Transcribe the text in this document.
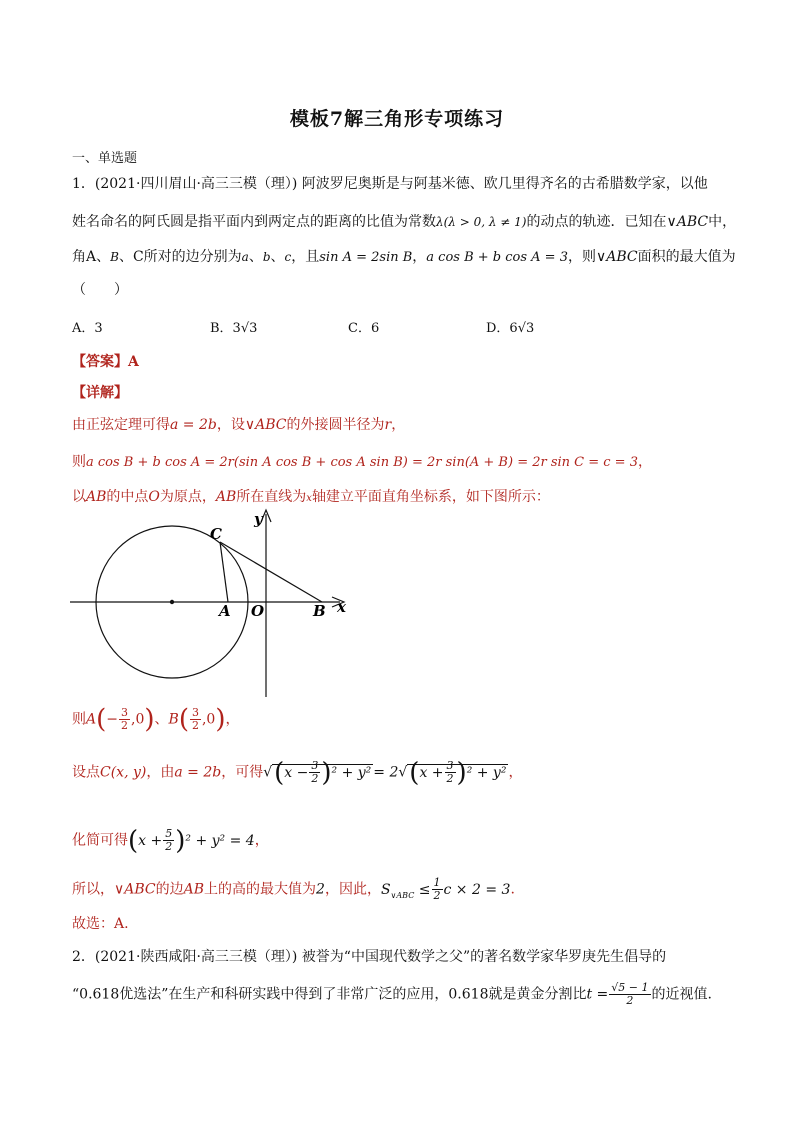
模板7解三角形专项练习
一、单选题
1．(2021·四川眉山·高三三模（理）) 阿波罗尼奥斯是与阿基米德、欧几里得齐名的古希腊数学家，以他
姓名命名的阿氏圆是指平面内到两定点的距离的比值为常数λ(λ > 0, λ ≠ 1)的动点的轨迹．已知在∨ABC中，
角A、B、C所对的边分别为a、b、c，且sin A = 2sin B，a cos B + b cos A = 3，则∨ABC面积的最大值为
（　　）
A．3	B．3√3	C．6	D．6√3
【答案】A
【详解】
由正弦定理可得a = 2b，设∨ABC的外接圆半径为r，
则a cos B + b cos A = 2r(sin A cos B + cos A sin B) = 2r sin(A + B) = 2r sin C = c = 3，
以AB的中点O为原点，AB所在直线为x轴建立平面直角坐标系，如下图所示：
C
A O	B x
y
则$A(- \frac{3}{2} ,0)$、$B( \frac{3}{2} ,0)$，
设点C(x, y)，由a = 2b，可得$√(x - \frac{3}{2} )^2 + y^2 = 2√(x + \frac{3}{2} )^2 + y^2$ ，
化简可得$(x + \frac{5}{2} )^2 + y^2 = 4$，
所以，∨ABC的边AB上的高的最大值为2，因此，$S_{\vee ABC} \le \frac{1}{2}$ c × 2 = 3.
故选：A.
2．(2021·陕西咸阳·高三三模（理）) 被誉为“中国现代数学之父”的著名数学家华罗庚先生倡导的
“0.618优选法”在生产和科研实践中得到了非常广泛的应用，0.618就是黄金分割比$t = \frac{√5 - 1}{2}$ 的近视值.
